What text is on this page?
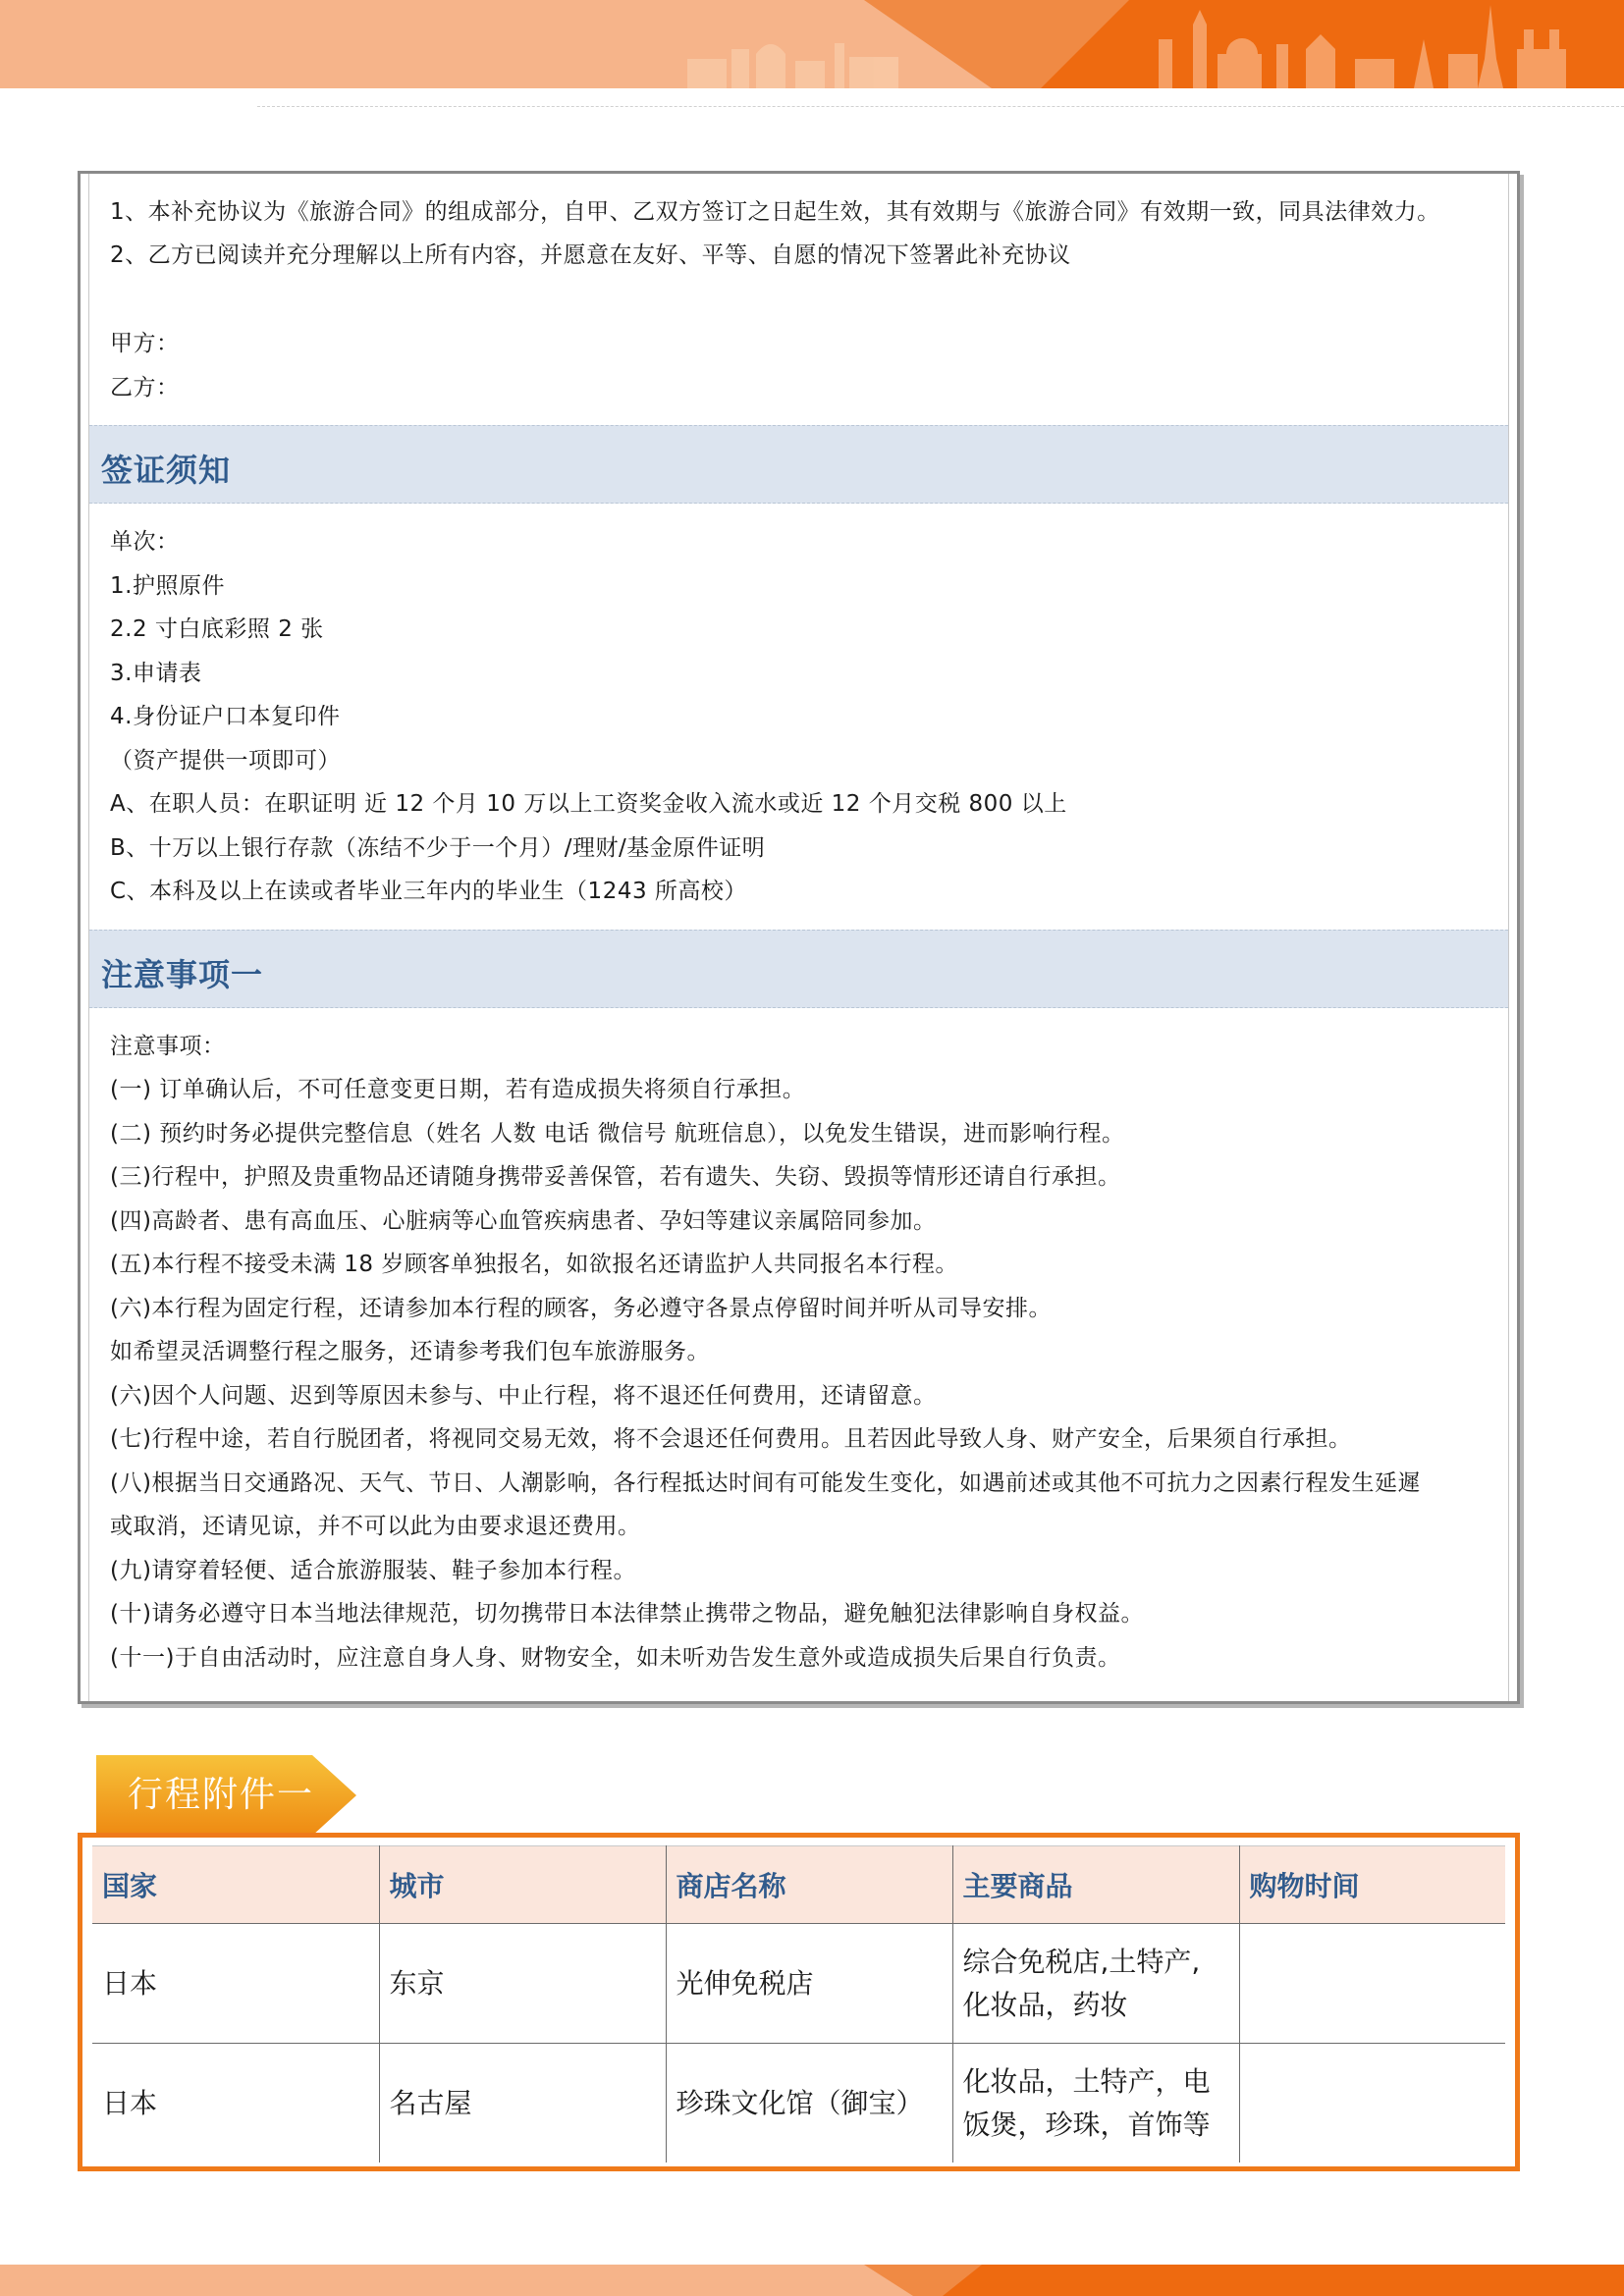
1、本补充协议为《旅游合同》的组成部分，自甲、乙双方签订之日起生效，其有效期与《旅游合同》有效期一致，同具法律效力。
2、乙方已阅读并充分理解以上所有内容，并愿意在友好、平等、自愿的情况下签署此补充协议
甲方：
乙方：
签证须知
单次：
1.护照原件
2.2 寸白底彩照 2 张
3.申请表
4.身份证户口本复印件
（资产提供一项即可）
A、在职人员：在职证明 近 12 个月 10 万以上工资奖金收入流水或近 12 个月交税 800 以上
B、十万以上银行存款（冻结不少于一个月）/理财/基金原件证明
C、本科及以上在读或者毕业三年内的毕业生（1243 所高校）
注意事项一
注意事项：
(一) 订单确认后，不可任意变更日期，若有造成损失将须自行承担。
(二) 预约时务必提供完整信息（姓名 人数 电话 微信号 航班信息），以免发生错误，进而影响行程。
(三)行程中，护照及贵重物品还请随身携带妥善保管，若有遗失、失窃、毁损等情形还请自行承担。
(四)高龄者、患有高血压、心脏病等心血管疾病患者、孕妇等建议亲属陪同参加。
(五)本行程不接受未满 18 岁顾客单独报名，如欲报名还请监护人共同报名本行程。
(六)本行程为固定行程，还请参加本行程的顾客，务必遵守各景点停留时间并听从司导安排。
如希望灵活调整行程之服务，还请参考我们包车旅游服务。
(六)因个人问题、迟到等原因未参与、中止行程，将不退还任何费用，还请留意。
(七)行程中途，若自行脱团者，将视同交易无效，将不会退还任何费用。且若因此导致人身、财产安全，后果须自行承担。
(八)根据当日交通路况、天气、节日、人潮影响，各行程抵达时间有可能发生变化，如遇前述或其他不可抗力之因素行程发生延遲
或取消，还请见谅，并不可以此为由要求退还费用。
(九)请穿着轻便、适合旅游服装、鞋子参加本行程。
(十)请务必遵守日本当地法律规范，切勿携带日本法律禁止携带之物品，避免触犯法律影响自身权益。
(十一)于自由活动时，应注意自身人身、财物安全，如未听劝告发生意外或造成损失后果自行负责。
行程附件一
国家	城市	商店名称	主要商品	购物时间
日本	东京	光伸免税店	综合免税店,土特产,
化妆品，药妆	

日本	名古屋	珍珠文化馆（御宝）	化妆品，土特产，电
饭煲，珍珠，首饰等	
